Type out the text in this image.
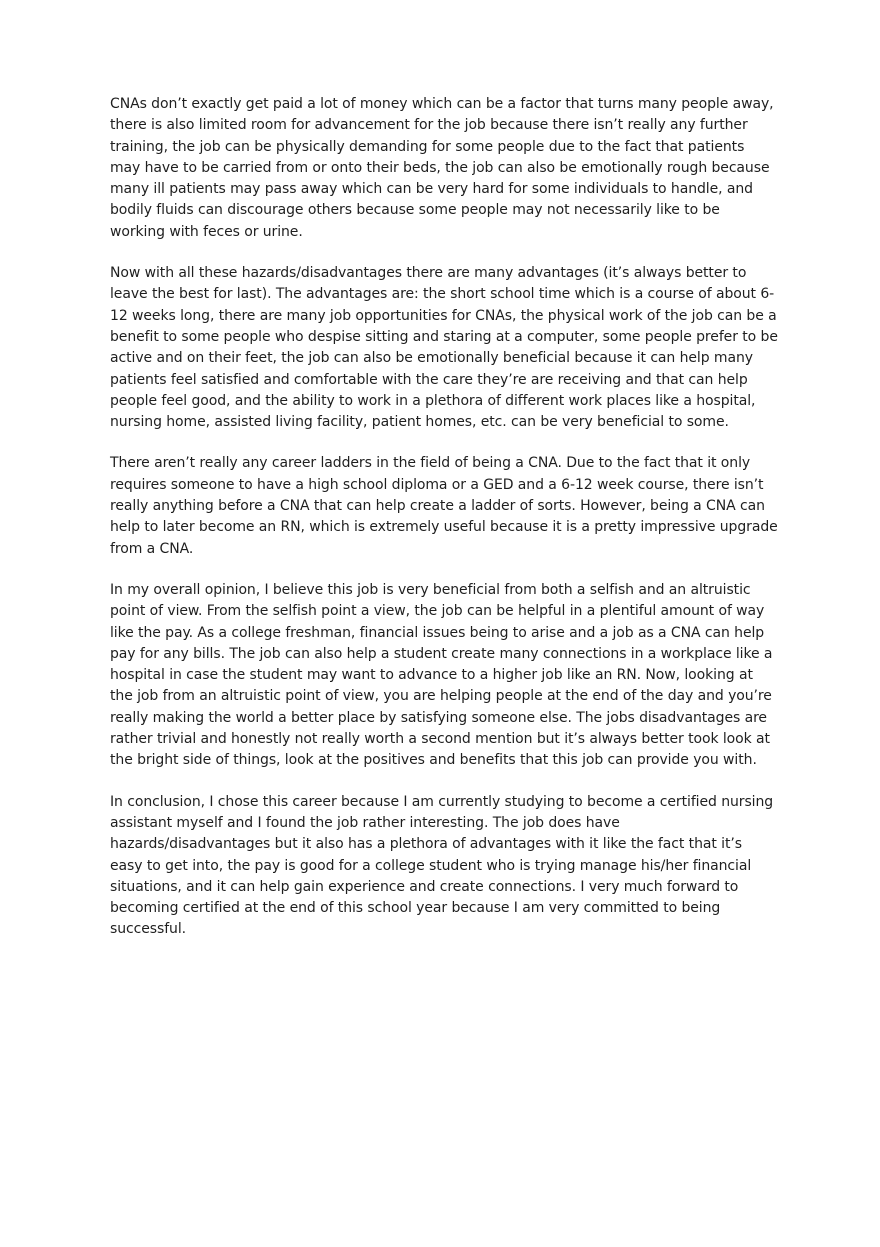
CNAs don’t exactly get paid a lot of money which can be a factor that turns many people away, there is also limited room for advancement for the job because there isn’t really any further training, the job can be physically demanding for some people due to the fact that patients may have to be carried from or onto their beds, the job can also be emotionally rough because many ill patients may pass away which can be very hard for some individuals to handle, and bodily fluids can discourage others because some people may not necessarily like to be working with feces or urine.

Now with all these hazards/disadvantages there are many advantages (it’s always better to leave the best for last). The advantages are: the short school time which is a course of about 6-12 weeks long, there are many job opportunities for CNAs, the physical work of the job can be a benefit to some people who despise sitting and staring at a computer, some people prefer to be active and on their feet, the job can also be emotionally beneficial because it can help many patients feel satisfied and comfortable with the care they’re are receiving and that can help people feel good, and the ability to work in a plethora of different work places like a hospital, nursing home, assisted living facility, patient homes, etc. can be very beneficial to some.

There aren’t really any career ladders in the field of being a CNA. Due to the fact that it only requires someone to have a high school diploma or a GED and a 6-12 week course, there isn’t really anything before a CNA that can help create a ladder of sorts. However, being a CNA can help to later become an RN, which is extremely useful because it is a pretty impressive upgrade from a CNA.

In my overall opinion, I believe this job is very beneficial from both a selfish and an altruistic point of view. From the selfish point a view, the job can be helpful in a plentiful amount of way like the pay. As a college freshman, financial issues being to arise and a job as a CNA can help pay for any bills. The job can also help a student create many connections in a workplace like a hospital in case the student may want to advance to a higher job like an RN. Now, looking at the job from an altruistic point of view, you are helping people at the end of the day and you’re really making the world a better place by satisfying someone else. The jobs disadvantages are rather trivial and honestly not really worth a second mention but it’s always better took look at the bright side of things, look at the positives and benefits that this job can provide you with.

In conclusion, I chose this career because I am currently studying to become a certified nursing assistant myself and I found the job rather interesting. The job does have hazards/disadvantages but it also has a plethora of advantages with it like the fact that it’s easy to get into, the pay is good for a college student who is trying manage his/her financial situations, and it can help gain experience and create connections. I very much forward to becoming certified at the end of this school year because I am very committed to being successful.
